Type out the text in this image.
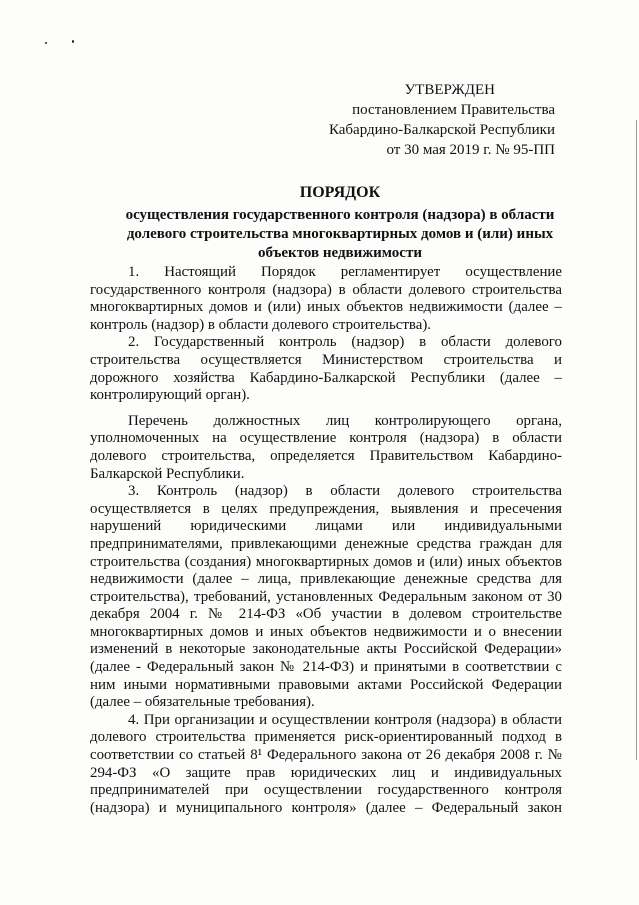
УТВЕРЖДЕН
постановлением Правительства
Кабардино-Балкарской Республики
от 30 мая 2019 г. № 95-ПП
ПОРЯДОК
осуществления государственного контроля (надзора) в области
долевого строительства многоквартирных домов и (или) иных
объектов недвижимости

1. Настоящий Порядок регламентирует осуществление государственного контроля (надзора) в области долевого строительства многоквартирных домов и (или) иных объектов недвижимости (далее – контроль (надзор) в области долевого строительства).

2. Государственный контроль (надзор) в области долевого строительства осуществляется Министерством строительства и дорожного хозяйства Кабардино-Балкарской Республики (далее – контролирующий орган).

Перечень должностных лиц контролирующего органа, уполномоченных на осуществление контроля (надзора) в области долевого строительства, определяется Правительством Кабардино-Балкарской Республики.

3. Контроль (надзор) в области долевого строительства осуществляется в целях предупреждения, выявления и пресечения нарушений юридическими лицами или индивидуальными предпринимателями, привлекающими денежные средства граждан для строительства (создания) многоквартирных домов и (или) иных объектов недвижимости (далее – лица, привлекающие денежные средства для строительства), требований, установленных Федеральным законом от 30 декабря 2004 г. № 214-ФЗ «Об участии в долевом строительстве многоквартирных домов и иных объектов недвижимости и о внесении изменений в некоторые законодательные акты Российской Федерации» (далее - Федеральный закон № 214-ФЗ) и принятыми в соответствии с ним иными нормативными правовыми актами Российской Федерации (далее – обязательные требования).

4. При организации и осуществлении контроля (надзора) в области долевого строительства применяется риск-ориентированный подход в соответствии со статьей 8¹ Федерального закона от 26 декабря 2008 г. № 294-ФЗ «О защите прав юридических лиц и индивидуальных предпринимателей при осуществлении государственного контроля (надзора) и муниципального контроля» (далее – Федеральный закон
